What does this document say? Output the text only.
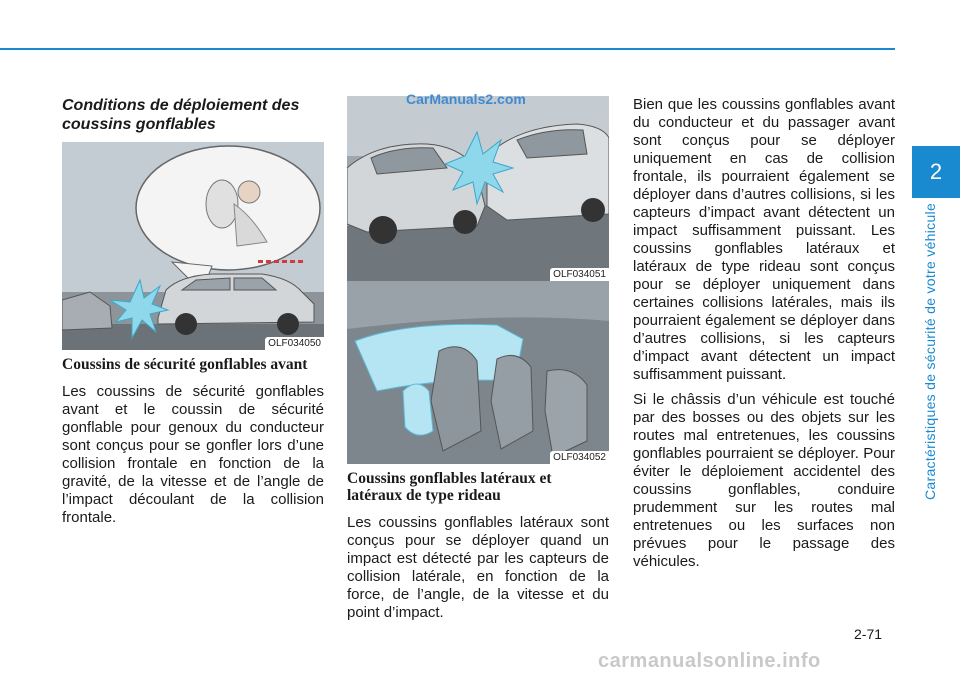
2
Caractéristiques de sécurité de votre véhicule
Conditions de déploiement des coussins gonflables
OLF034050
Coussins de sécurité gonflables avant

Les coussins de sécurité gonflables avant et le coussin de sécurité gonflable pour genoux du conducteur sont conçus pour se gonfler lors d’une collision frontale en fonction de la gravité, de la vitesse et de l’angle de l’impact découlant de la collision frontale.

OLF034051
OLF034052
Coussins gonflables latéraux et latéraux de type rideau

Les coussins gonflables latéraux sont conçus pour se déployer quand un impact est détecté par les capteurs de collision latérale, en fonction de la force, de l’angle, de la vitesse et du point d’impact.

Bien que les coussins gonflables avant du conducteur et du passager avant sont conçus pour se déployer uniquement en cas de collision frontale, ils pourraient également se déployer dans d’autres collisions, si les capteurs d’impact avant détectent un impact suffisamment puissant. Les coussins gonflables latéraux et latéraux de type rideau sont conçus pour se déployer uniquement dans certaines collisions latérales, mais ils pourraient également se déployer dans d’autres collisions, si les capteurs d’impact avant détectent un impact suffisamment puissant.

Si le châssis d’un véhicule est touché par des bosses ou des objets sur les routes mal entretenues, les coussins gonflables pourraient se déployer. Pour éviter le déploiement accidentel des coussins gonflables, conduire prudemment sur les routes mal entretenues ou les surfaces non prévues pour le passage des véhicules.

2-71
CarManuals2.com
carmanualsonline.info
